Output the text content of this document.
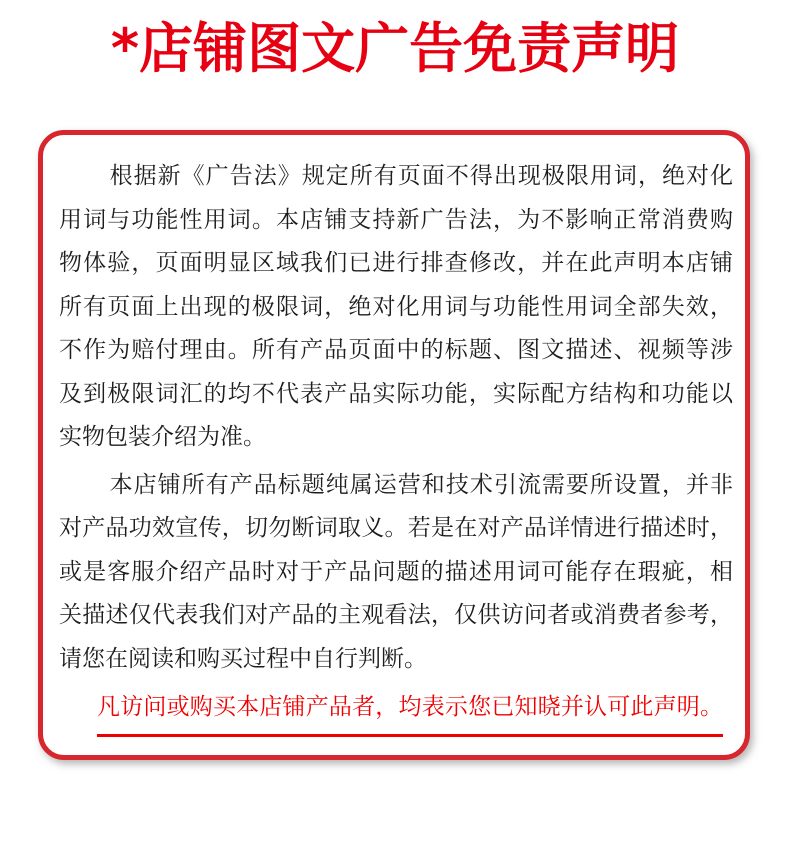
*店铺图文广告免责声明

根据新《广告法》规定所有页面不得出现极限用词，绝对化
用词与功能性用词。本店铺支持新广告法，为不影响正常消费购
物体验，页面明显区域我们已进行排查修改，并在此声明本店铺
所有页面上出现的极限词，绝对化用词与功能性用词全部失效，
不作为赔付理由。所有产品页面中的标题、图文描述、视频等涉
及到极限词汇的均不代表产品实际功能，实际配方结构和功能以
实物包装介绍为准。

本店铺所有产品标题纯属运营和技术引流需要所设置，并非
对产品功效宣传，切勿断词取义。若是在对产品详情进行描述时，
或是客服介绍产品时对于产品问题的描述用词可能存在瑕疵，相
关描述仅代表我们对产品的主观看法，仅供访问者或消费者参考，
请您在阅读和购买过程中自行判断。

凡访问或购买本店铺产品者，均表示您已知晓并认可此声明。
